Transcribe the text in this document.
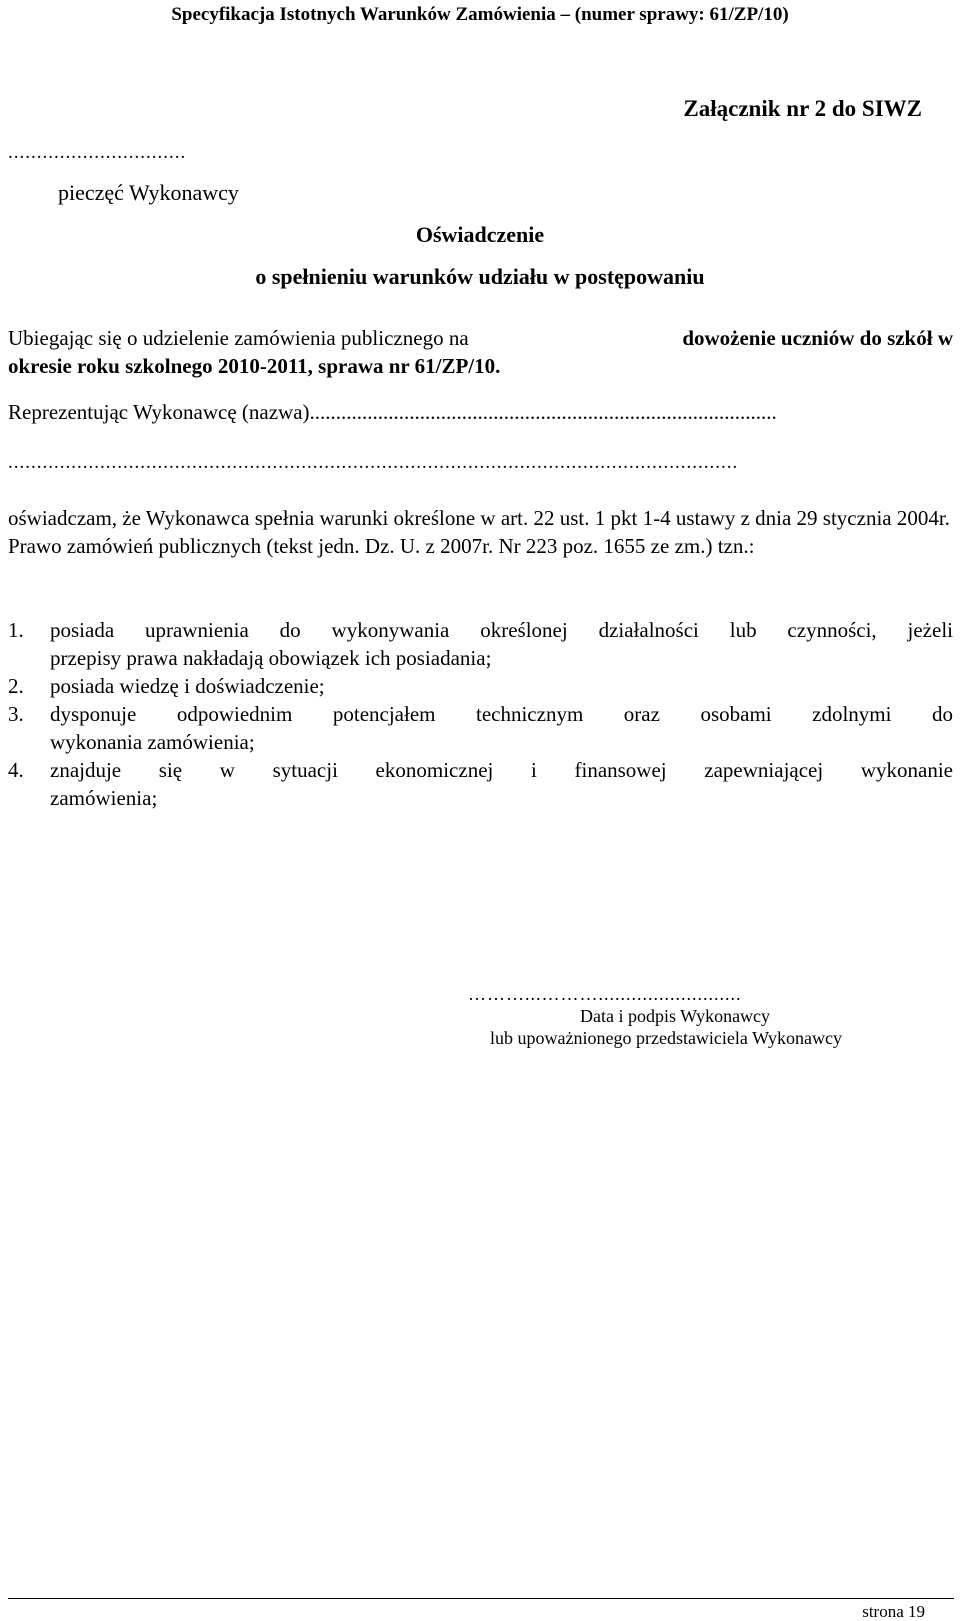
Specyfikacja Istotnych Warunków Zamówienia – (numer sprawy: 61/ZP/10)
Załącznik nr 2 do SIWZ
...............................
pieczęć Wykonawcy
Oświadczenie
o spełnieniu warunków udziału w postępowaniu
Ubiegając się o udzielenie zamówienia publicznego na	dowożenie uczniów do szkół w
okresie roku szkolnego 2010-2011, sprawa nr 61/ZP/10.
Reprezentując Wykonawcę (nazwa).........................................................................................
...............................................................................................................................
oświadczam, że Wykonawca spełnia warunki określone w art. 22 ust. 1 pkt 1-4 ustawy z dnia 29 stycznia 2004r. Prawo zamówień publicznych (tekst jedn. Dz. U. z 2007r. Nr 223 poz. 1655 ze zm.) tzn.:
1.	posiada uprawnienia do wykonywania określonej działalności lub czynności, jeżeli
przepisy prawa nakładają obowiązek ich posiadania;
2.	posiada wiedzę i doświadczenie;
3.	dysponuje odpowiednim potencjałem technicznym oraz osobami zdolnymi do
wykonania zamówienia;
4.	znajduje się w sytuacji ekonomicznej i finansowej zapewniającej wykonanie
zamówienia;
………...………..........................
Data i podpis Wykonawcy
lub upoważnionego przedstawiciela Wykonawcy
strona 19
